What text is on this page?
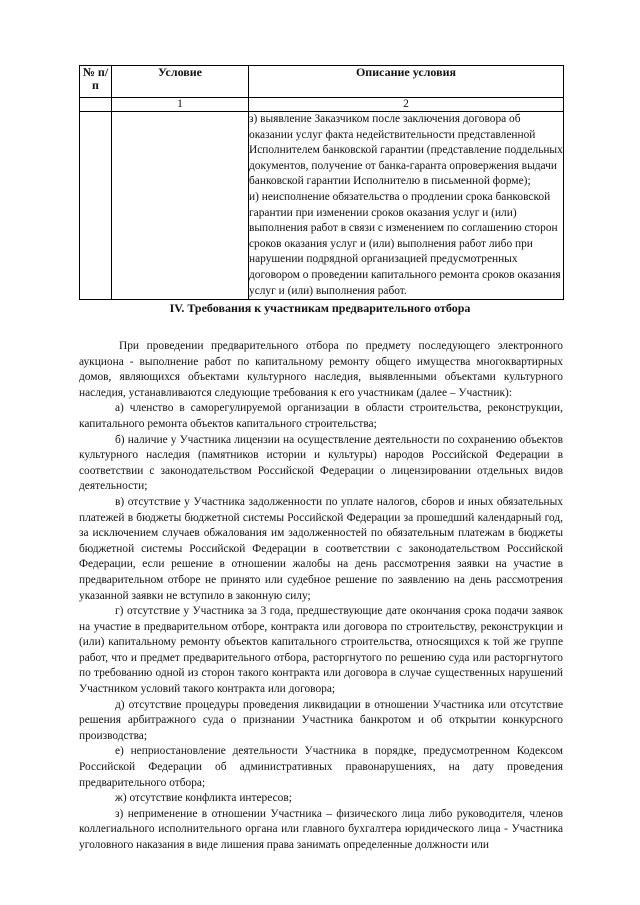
№ п/п	Условие	Описание условия
	1	2

		з) выявление Заказчиком после заключения договора об оказании услуг факта недействительности представленной Исполнителем банковской гарантии (представление поддельных документов, получение от банка-гаранта опровержения выдачи банковской гарантии Исполнителю в письменной форме);

и) неисполнение обязательства о продлении срока банковской гарантии при изменении сроков оказания услуг и (или) выполнения работ в связи с изменением по соглашению сторон сроков оказания услуг и (или) выполнения работ либо при нарушении подрядной организацией предусмотренных договором о проведении капитального ремонта сроков оказания услуг и (или) выполнения работ.

IV. Требования к участникам предварительного отбора

При проведении предварительного отбора по предмету последующего электронного аукциона - выполнение работ по капитальному ремонту общего имущества многоквартирных домов, являющихся объектами культурного наследия, выявленными объектами культурного наследия, устанавливаются следующие требования к его участникам (далее – Участник):

а) членство в саморегулируемой организации в области строительства, реконструкции, капитального ремонта объектов капитального строительства;

б) наличие у Участника лицензии на осуществление деятельности по сохранению объектов культурного наследия (памятников истории и культуры) народов Российской Федерации в соответствии с законодательством Российской Федерации о лицензировании отдельных видов деятельности;

в) отсутствие у Участника задолженности по уплате налогов, сборов и иных обязательных платежей в бюджеты бюджетной системы Российской Федерации за прошедший календарный год, за исключением случаев обжалования им задолженностей по обязательным платежам в бюджеты бюджетной системы Российской Федерации в соответствии с законодательством Российской Федерации, если решение в отношении жалобы на день рассмотрения заявки на участие в предварительном отборе не принято или судебное решение по заявлению на день рассмотрения указанной заявки не вступило в законную силу;

г) отсутствие у Участника за 3 года, предшествующие дате окончания срока подачи заявок на участие в предварительном отборе, контракта или договора по строительству, реконструкции и (или) капитальному ремонту объектов капитального строительства, относящихся к той же группе работ, что и предмет предварительного отбора, расторгнутого по решению суда или расторгнутого по требованию одной из сторон такого контракта или договора в случае существенных нарушений Участником условий такого контракта или договора;

д) отсутствие процедуры проведения ликвидации в отношении Участника или отсутствие решения арбитражного суда о признании Участника банкротом и об открытии конкурсного производства;

е) неприостановление деятельности Участника в порядке, предусмотренном Кодексом Российской Федерации об административных правонарушениях, на дату проведения предварительного отбора;

ж) отсутствие конфликта интересов;

з) неприменение в отношении Участника – физического лица либо руководителя, членов коллегиального исполнительного органа или главного бухгалтера юридического лица - Участника уголовного наказания в виде лишения права занимать определенные должности или
